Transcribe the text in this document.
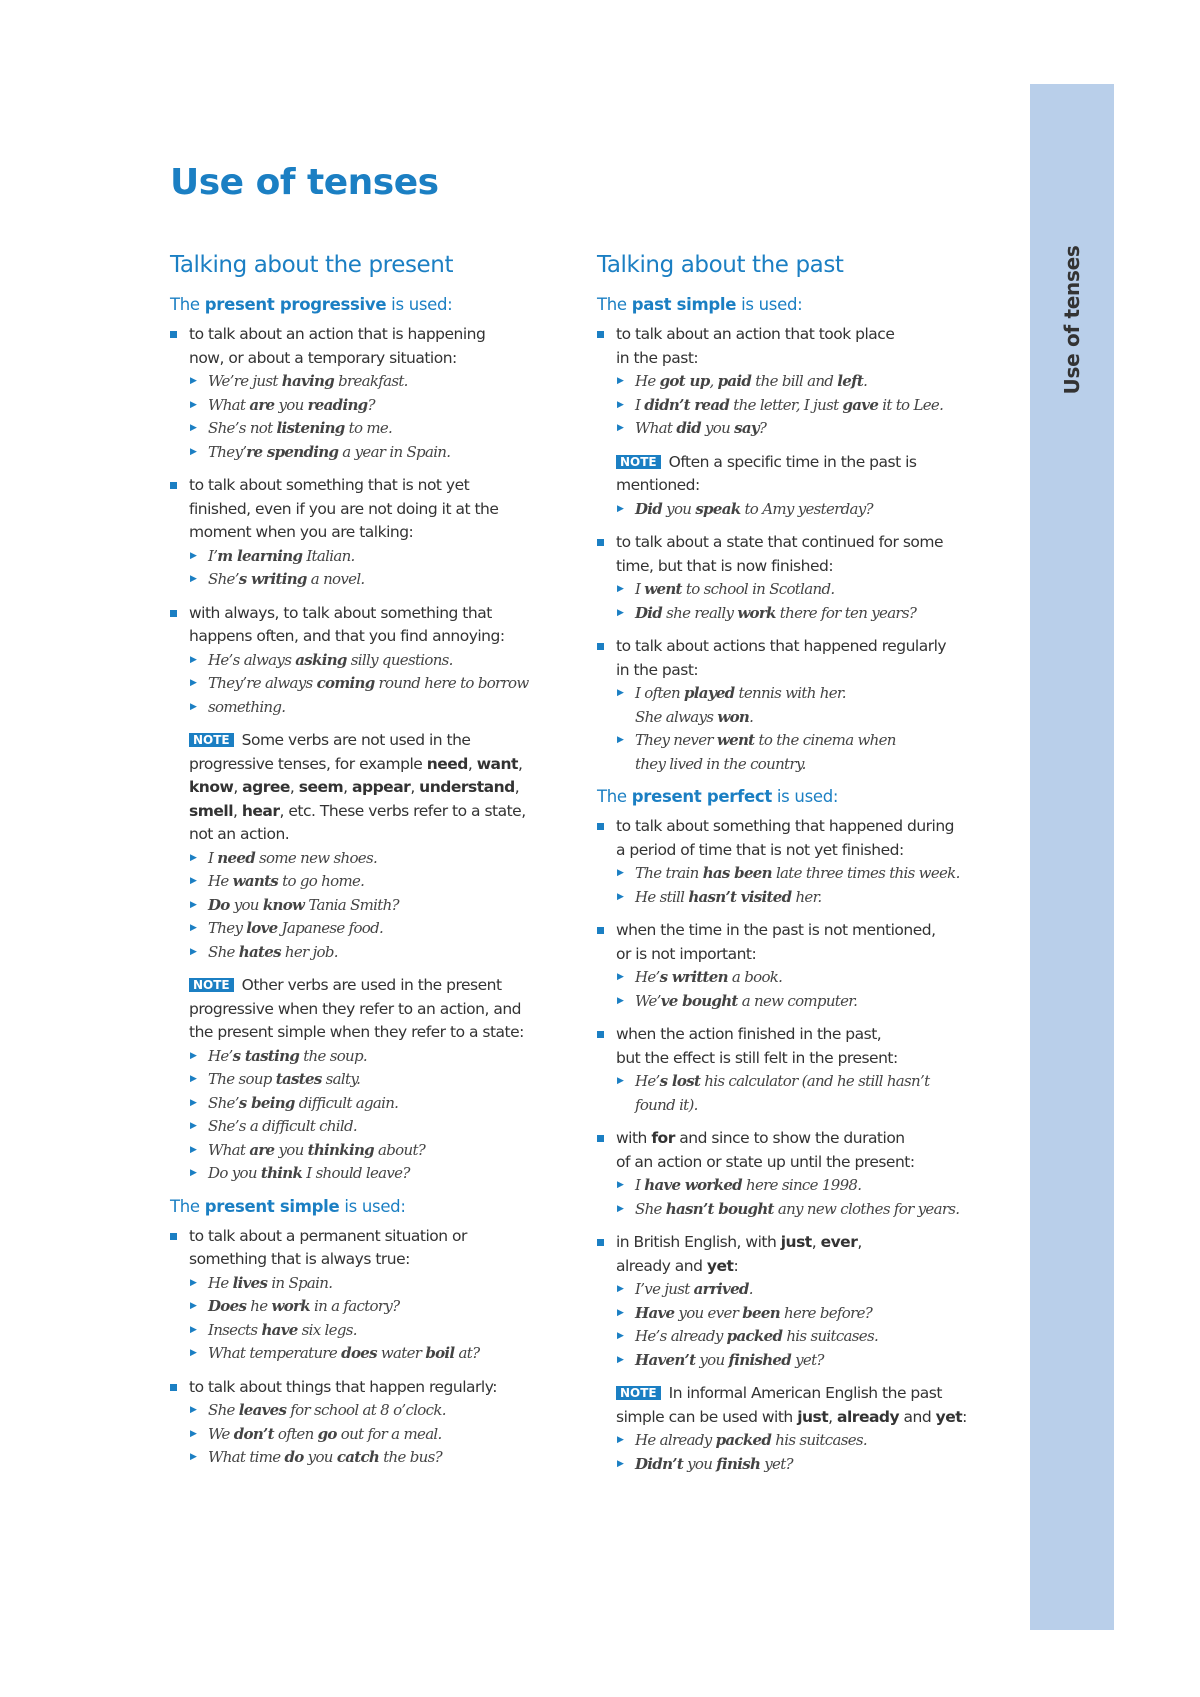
Use of tenses
Talking about the present
The present progressive is used:
to talk about an action that is happening
now, or about a temporary situation:
▶ We’re just having breakfast.
▶ What are you reading?
▶ She’s not listening to me.
▶ They’re spending a year in Spain.
to talk about something that is not yet
finished, even if you are not doing it at the
moment when you are talking:
▶ I’m learning Italian.
▶ She’s writing a novel.
with always, to talk about something that
happens often, and that you find annoying:
▶ He’s always asking silly questions.
▶ They’re always coming round here to borrow
▶ something.
NOTE Some verbs are not used in the
progressive tenses, for example need, want,
know, agree, seem, appear, understand,
smell, hear, etc. These verbs refer to a state,
not an action.
▶ I need some new shoes.
▶ He wants to go home.
▶ Do you know Tania Smith?
▶ They love Japanese food.
▶ She hates her job.
NOTE Other verbs are used in the present
progressive when they refer to an action, and
the present simple when they refer to a state:
▶ He’s tasting the soup.
▶ The soup tastes salty.
▶ She’s being difficult again.
▶ She’s a difficult child.
▶ What are you thinking about?
▶ Do you think I should leave?
The present simple is used:
to talk about a permanent situation or
something that is always true:
▶ He lives in Spain.
▶ Does he work in a factory?
▶ Insects have six legs.
▶ What temperature does water boil at?
to talk about things that happen regularly:
▶ She leaves for school at 8 o’clock.
▶ We don’t often go out for a meal.
▶ What time do you catch the bus?
Talking about the past
The past simple is used:
to talk about an action that took place
in the past:
▶ He got up, paid the bill and left.
▶ I didn’t read the letter, I just gave it to Lee.
▶ What did you say?
NOTE Often a specific time in the past is
mentioned:
▶ Did you speak to Amy yesterday?
to talk about a state that continued for some
time, but that is now finished:
▶ I went to school in Scotland.
▶ Did she really work there for ten years?
to talk about actions that happened regularly
in the past:
▶ I often played tennis with her.
She always won.
▶ They never went to the cinema when
they lived in the country.
The present perfect is used:
to talk about something that happened during
a period of time that is not yet finished:
▶ The train has been late three times this week.
▶ He still hasn’t visited her.
when the time in the past is not mentioned,
or is not important:
▶ He’s written a book.
▶ We’ve bought a new computer.
when the action finished in the past,
but the effect is still felt in the present:
▶ He’s lost his calculator (and he still hasn’t
found it).
with for and since to show the duration
of an action or state up until the present:
▶ I have worked here since 1998.
▶ She hasn’t bought any new clothes for years.
in British English, with just, ever,
already and yet:
▶ I’ve just arrived.
▶ Have you ever been here before?
▶ He’s already packed his suitcases.
▶ Haven’t you finished yet?
NOTE In informal American English the past
simple can be used with just, already and yet:
▶ He already packed his suitcases.
▶ Didn’t you finish yet?
Use of tenses
